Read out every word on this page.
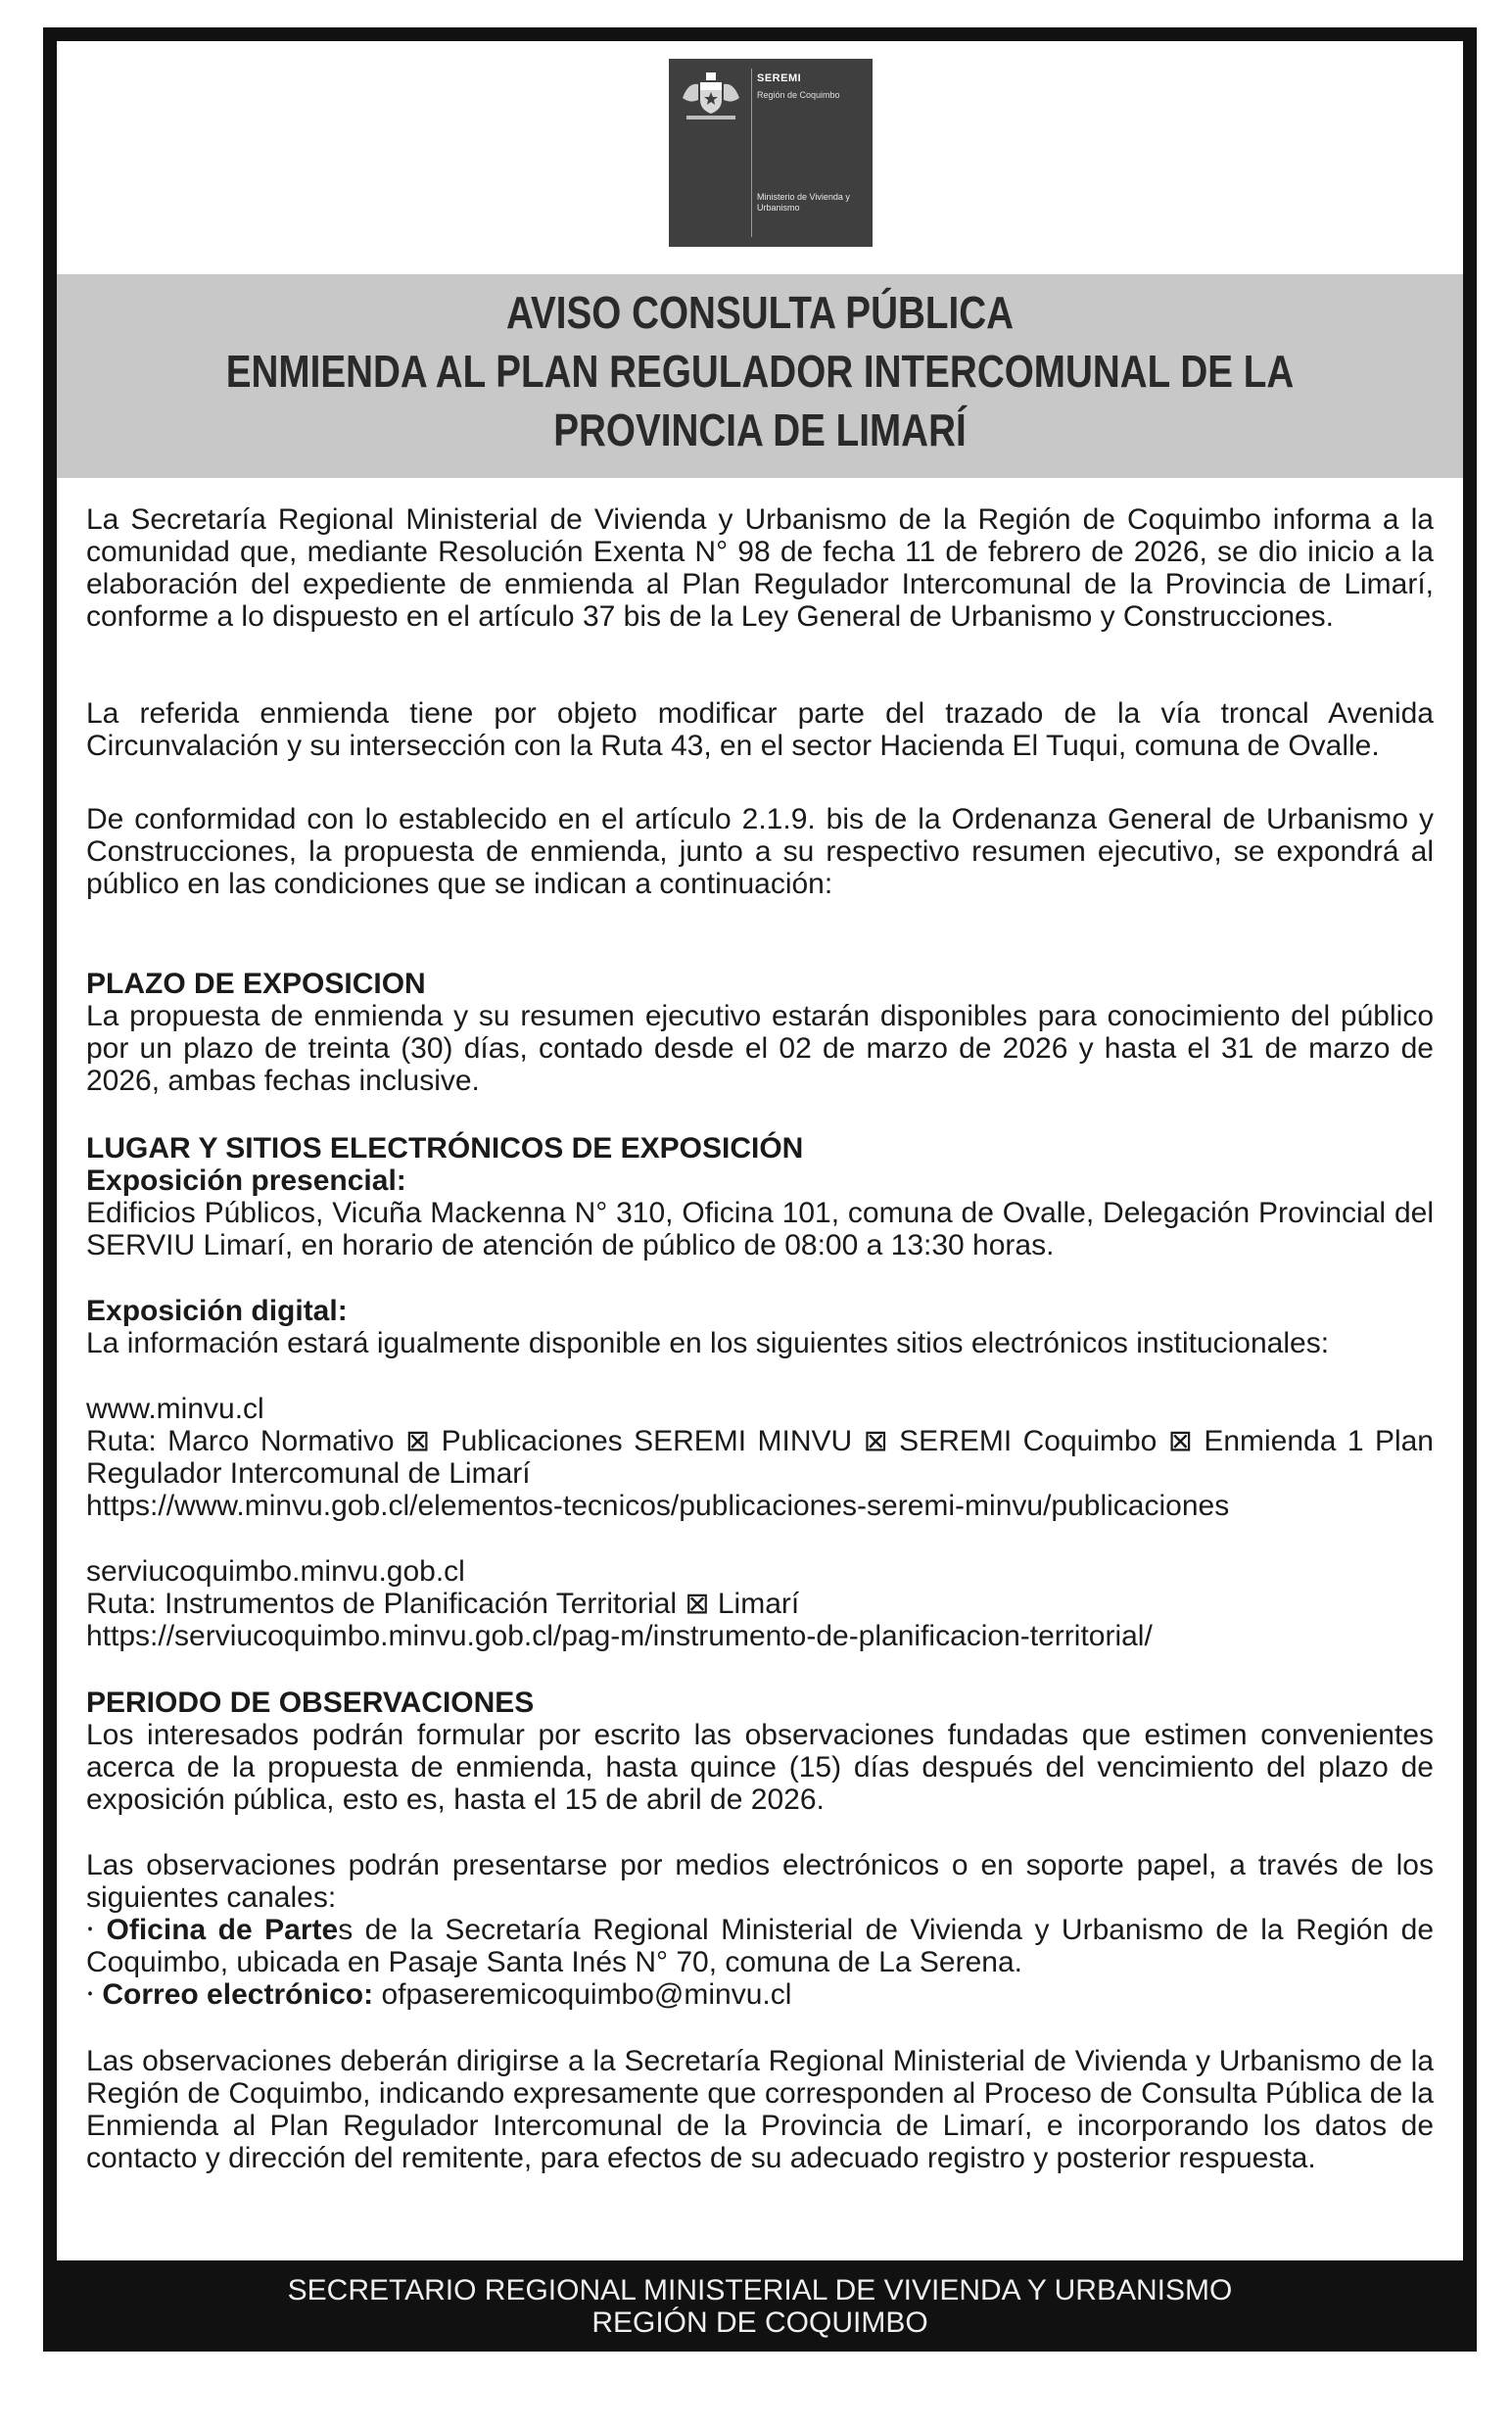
SEREMI
Región de Coquimbo
Ministerio de Vivienda y Urbanismo
AVISO CONSULTA PÚBLICA
ENMIENDA AL PLAN REGULADOR INTERCOMUNAL DE LA
PROVINCIA DE LIMARÍ

La Secretaría Regional Ministerial de Vivienda y Urbanismo de la Región de Coquimbo informa a la comunidad que, mediante Resolución Exenta N° 98 de fecha 11 de febrero de 2026, se dio inicio a la elaboración del expediente de enmienda al Plan Regulador Intercomunal de la Provincia de Limarí, conforme a lo dispuesto en el artículo 37 bis de la Ley General de Urbanismo y Construcciones.

La referida enmienda tiene por objeto modificar parte del trazado de la vía troncal Avenida Circunvalación y su intersección con la Ruta 43, en el sector Hacienda El Tuqui, comuna de Ovalle.

De conformidad con lo establecido en el artículo 2.1.9. bis de la Ordenanza General de Urbanismo y Construcciones, la propuesta de enmienda, junto a su respectivo resumen ejecutivo, se expondrá al público en las condiciones que se indican a continuación:

PLAZO DE EXPOSICION

La propuesta de enmienda y su resumen ejecutivo estarán disponibles para conocimiento del público por un plazo de treinta (30) días, contado desde el 02 de marzo de 2026 y hasta el 31 de marzo de 2026, ambas fechas inclusive.

LUGAR Y SITIOS ELECTRÓNICOS DE EXPOSICIÓN

Exposición presencial:

Edificios Públicos, Vicuña Mackenna N° 310, Oficina 101, comuna de Ovalle, Delegación Provincial del SERVIU Limarí, en horario de atención de público de 08:00 a 13:30 horas.

Exposición digital:

La información estará igualmente disponible en los siguientes sitios electrónicos institucionales:

www.minvu.cl

Ruta: Marco Normativo ⊠ Publicaciones SEREMI MINVU ⊠ SEREMI Coquimbo ⊠ Enmienda 1 Plan Regulador Intercomunal de Limarí

https://www.minvu.gob.cl/elementos-tecnicos/publicaciones-seremi-minvu/publicaciones

serviucoquimbo.minvu.gob.cl

Ruta: Instrumentos de Planificación Territorial ⊠ Limarí

https://serviucoquimbo.minvu.gob.cl/pag-m/instrumento-de-planificacion-territorial/

PERIODO DE OBSERVACIONES

Los interesados podrán formular por escrito las observaciones fundadas que estimen convenientes acerca de la propuesta de enmienda, hasta quince (15) días después del vencimiento del plazo de exposición pública, esto es, hasta el 15 de abril de 2026.

Las observaciones podrán presentarse por medios electrónicos o en soporte papel, a través de los siguientes canales:

⸱ Oficina de Partes de la Secretaría Regional Ministerial de Vivienda y Urbanismo de la Región de Coquimbo, ubicada en Pasaje Santa Inés N° 70, comuna de La Serena.

⸱ Correo electrónico: ofpaseremicoquimbo@minvu.cl

Las observaciones deberán dirigirse a la Secretaría Regional Ministerial de Vivienda y Urbanismo de la Región de Coquimbo, indicando expresamente que corresponden al Proceso de Consulta Pública de la Enmienda al Plan Regulador Intercomunal de la Provincia de Limarí, e incorporando los datos de contacto y dirección del remitente, para efectos de su adecuado registro y posterior respuesta.

SECRETARIO REGIONAL MINISTERIAL DE VIVIENDA Y URBANISMO
REGIÓN DE COQUIMBO
